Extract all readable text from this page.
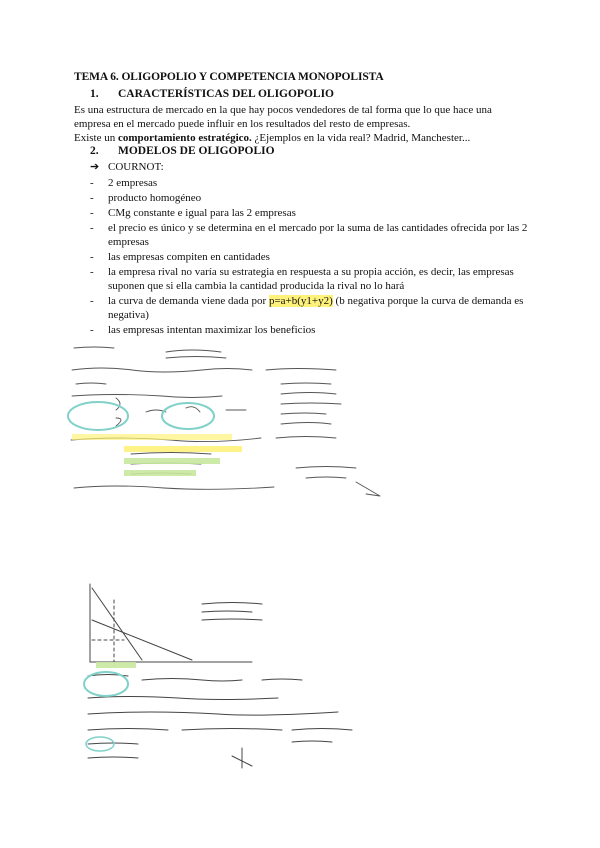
TEMA 6. OLIGOPOLIO Y COMPETENCIA MONOPOLISTA
1. CARACTERÍSTICAS DEL OLIGOPOLIO
Es una estructura de mercado en la que hay pocos vendedores de tal forma que lo que hace una
empresa en el mercado puede influir en los resultados del resto de empresas.
Existe un comportamiento estratégico. ¿Ejemplos en la vida real? Madrid, Manchester...
2. MODELOS DE OLIGOPOLIO
➔ COURNOT:
-	2 empresas
-	producto homogéneo
-	CMg constante e igual para las 2 empresas
-	el precio es único y se determina en el mercado por la suma de las cantidades ofrecida por las 2 empresas
-	las empresas compiten en cantidades
-	la empresa rival no varía su estrategia en respuesta a su propia acción, es decir, las empresas suponen que si ella cambia la cantidad producida la rival no lo hará
-	la curva de demanda viene dada por p=a+b(y1+y2) (b negativa porque la curva de demanda es negativa)
-	las empresas intentan maximizar los beneficios
